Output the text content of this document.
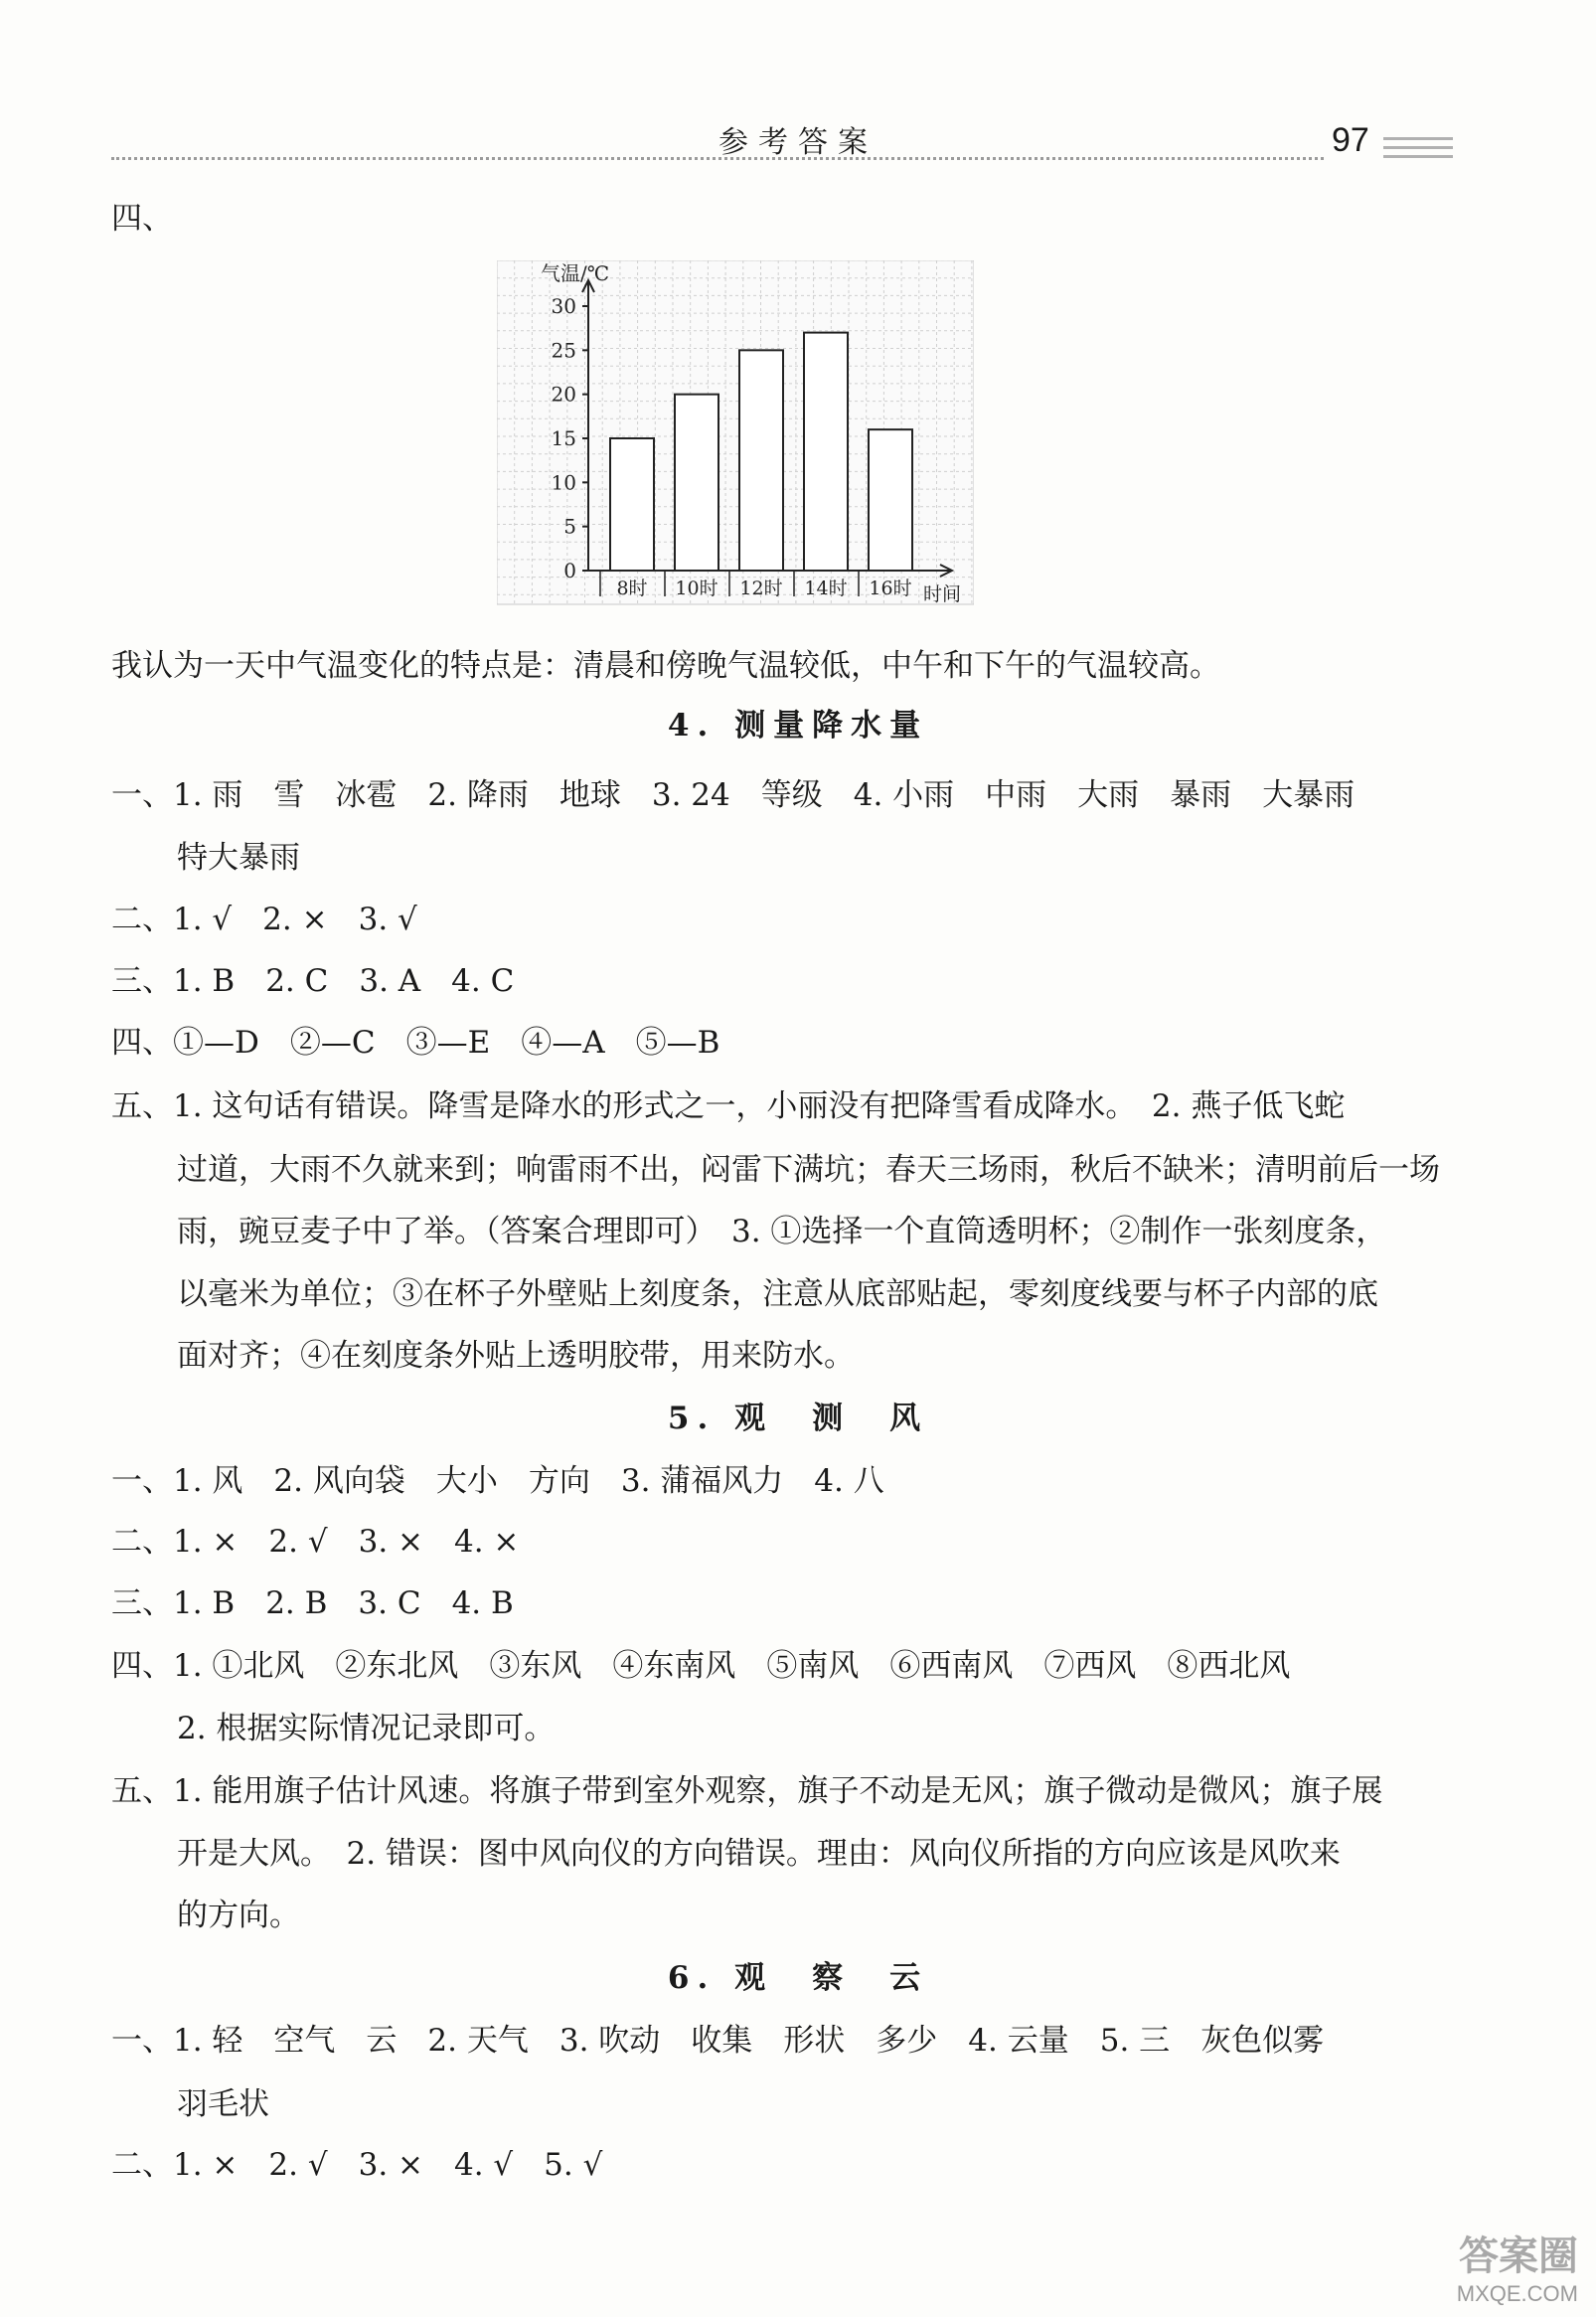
参考答案	97
四、
气温/℃
0
5
10
15
20
25
30
8时 10时 12时 14时 16时 时间
我认为一天中气温变化的特点是：清晨和傍晚气温较低，中午和下午的气温较高。
4. 测量降水量
一、1. 雨　雪　冰雹　2. 降雨　地球　3. 24　等级　4. 小雨　中雨　大雨　暴雨　大暴雨
特大暴雨
二、1. √　2. ×　3. √
三、1. B　2. C　3. A　4. C
四、①—D　②—C　③—E　④—A　⑤—B
五、1. 这句话有错误。降雪是降水的形式之一，小丽没有把降雪看成降水。　2. 燕子低飞蛇
过道，大雨不久就来到；响雷雨不出，闷雷下满坑；春天三场雨，秋后不缺米；清明前后一场
雨，豌豆麦子中了举。（答案合理即可）　3. ①选择一个直筒透明杯；②制作一张刻度条，
以毫米为单位；③在杯子外壁贴上刻度条，注意从底部贴起，零刻度线要与杯子内部的底
面对齐；④在刻度条外贴上透明胶带，用来防水。
5. 观　测　风
一、1. 风　2. 风向袋　大小　方向　3. 蒲福风力　4. 八
二、1. ×　2. √　3. ×　4. ×
三、1. B　2. B　3. C　4. B
四、1. ①北风　②东北风　③东风　④东南风　⑤南风　⑥西南风　⑦西风　⑧西北风
2. 根据实际情况记录即可。
五、1. 能用旗子估计风速。将旗子带到室外观察，旗子不动是无风；旗子微动是微风；旗子展
开是大风。　2. 错误：图中风向仪的方向错误。理由：风向仪所指的方向应该是风吹来
的方向。
6. 观　察　云
一、1. 轻　空气　云　2. 天气　3. 吹动　收集　形状　多少　4. 云量　5. 三　灰色似雾
羽毛状
二、1. ×　2. √　3. ×　4. √　5. √
答案圈
MXQE.COM
